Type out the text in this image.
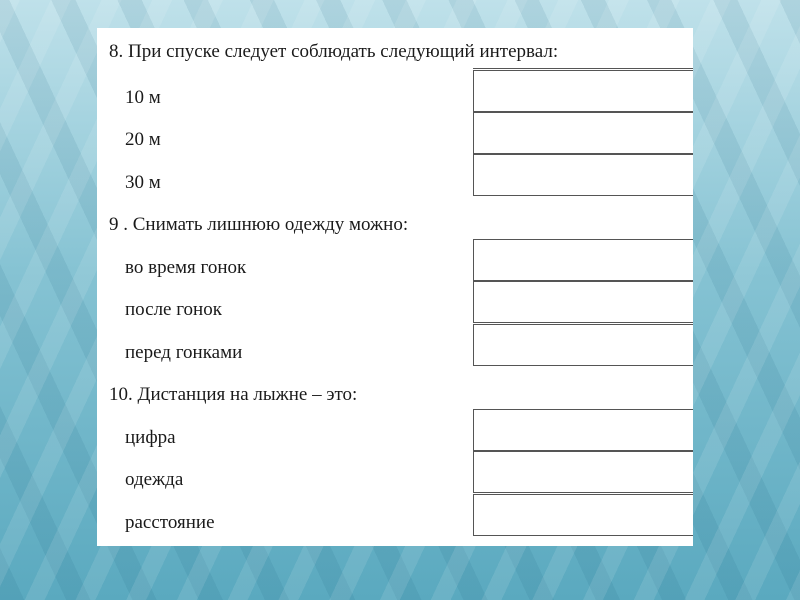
8. При спуске следует соблюдать следующий интервал:
10 м
20 м
30 м
9 . Снимать лишнюю одежду можно:
во время гонок
после гонок
перед гонками
10. Дистанция на лыжне – это:
цифра
одежда
расстояние
